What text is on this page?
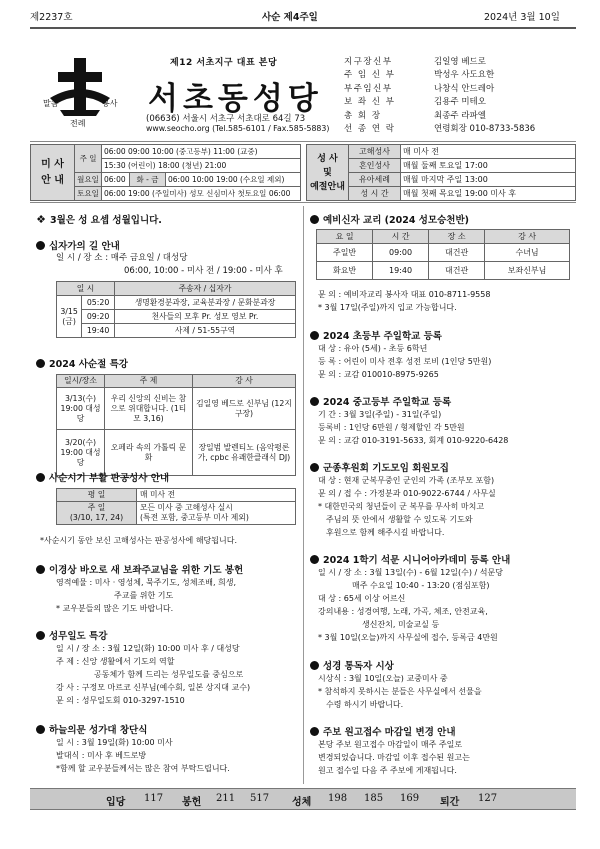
제2237호	사순 제4주일	2024년 3월 10일
말씀	봉사
전례
제12 서초지구 대표 본당
서초동성당
(06636) 서울시 서초구 서초대로 64길 73
www.seocho.org (Tel.585-6101 / Fax.585-5883)
지구장신부	김일영 베드로
주 임 신 부	박성우 사도요한
부주임신부	나창식 안드레아
보 좌 신 부	김용주 미테오
총 회 장	최종주 라파엘
선 종 연 락	연령회장 010-8733-5836
미 사
안 내	주 일	06:00 09:00 10:00 (중고등부) 11:00 (교중)		
		15:30 (어린이) 18:00 (청년) 21:00		
	월요일	06:00	화 - 금	06:00 10:00 19:00 (수요일 제외)
	토요일	06:00 19:00 (주일미사) 성모 신심미사 첫토요일 06:00		
성 사
및
예절안내	고해성사	매 미사 전
	혼인성사	매월 둘째 토요일 17:00
	유아세례	매월 마지막 주일 13:00
	성 시 간	매월 첫째 목요일 19:00 미사 후
❖ 3월은 성 요셉 성월입니다.
십자가의 길 안내
일 시 / 장 소 : 매주 금요일 / 대성당
06:00, 10:00 - 미사 전 / 19:00 - 미사 후
일 시		주송자 / 십자가
3/15 (금)	05:20	생명환경분과장, 교육분과장 / 문화분과장
	09:20	천사들의 모후 Pr. 성모 영보 Pr.
	19:40	사제 / 51-55구역
2024 사순절 특강
일시/장소	주 제	강 사
3/13(수) 19:00 대성당	우리 신앙의 신비는 참으로 위대합니다. (1티모 3,16)	김일영 베드로 신부님 (12지구장)
3/20(수) 19:00 대성당	오페라 속의 가톨릭 문화	장일범 발렌티노 (음악평론가, cpbc 유쾌한클래식 DJ)
사순시기 부활 판공성사 안내
평 일	매 미사 전
주 일
(3/10, 17, 24)	모든 미사 중 고해성사 실시
(특전 포함, 중고등부 미사 제외)
*사순시기 동안 보신 고해성사는 판공성사에 해당됩니다.
이경상 바오로 새 보좌주교님을 위한 기도 봉헌
영적예물 : 미사 · 영성체, 묵주기도, 성체조배, 희생,
주교를 위한 기도
* 교우분들의 많은 기도 바랍니다.
성무일도 특강
일 시 / 장 소 : 3월 12일(화) 10:00 미사 후 / 대성당
주 제 : 신앙 생활에서 기도의 역할
공동체가 함께 드리는 성무일도를 중심으로
강 사 : 구정모 마르코 신부님(예수회, 일본 상지대 교수)
문 의 : 성무일도회 010-3297-1510
하늘의문 성가대 창단식
일 시 : 3월 19일(화) 10:00 미사
발대식 : 미사 후 베드로방
*함께 할 교우분들께서는 많은 참여 부탁드립니다.
예비신자 교리 (2024 성모승천반)
요 일	시 간	장 소	강 사
주일반	09:00	대건관	수녀님
화요반	19:40	대건관	보좌신부님
문 의 : 예비자교리 봉사자 대표 010-8711-9558
* 3월 17일(주일)까지 입교 가능합니다.
2024 초등부 주일학교 등록
대 상 : 유아 (5세) - 초등 6학년
등 록 : 어린이 미사 전후 성전 로비 (1인당 5만원)
문 의 : 교감 010010-8975-9265
2024 중고등부 주일학교 등록
기 간 : 3월 3일(주일) - 31일(주일)
등록비 : 1인당 6만원 / 형제할인 각 5만원
문 의 : 교감 010-3191-5633, 회계 010-9220-6428
군종후원회 기도모임 회원모집
대 상 : 현재 군복무중인 군인의 가족 (조부모 포함)
문 의 / 접 수 : 가정분과 010-9022-6744 / 사무실
* 대한민국의 청년들이 군 복무를 무사히 마치고
주님의 뜻 안에서 생활할 수 있도록 기도와
후원으로 함께 해주시길 바랍니다.
2024 1학기 석문 시니어아카데미 등록 안내
일 시 / 장 소 : 3월 13일(수) - 6월 12일(수) / 석문당
매주 수요일 10:40 - 13:20 (점심포함)
대 상 : 65세 이상 어르신
강의내용 : 성경여행, 노래, 가곡, 체조, 안전교육,
생신잔치, 미술교실 등
* 3월 10일(오늘)까지 사무실에 접수, 등록금 4만원
성경 통독자 시상
시상식 : 3월 10일(오늘) 교중미사 중
* 참석하지 못하시는 분들은 사무실에서 선물을
수령 하시기 바랍니다.
주보 원고접수 마감일 변경 안내
본당 주보 원고접수 마감일이 매주 주일로
변경되었습니다. 마감일 이후 접수된 원고는
원고 접수일 다음 주 주보에 게재됩니다.
입당 117 봉헌 211 517 성체 198 185 169 퇴간 127
